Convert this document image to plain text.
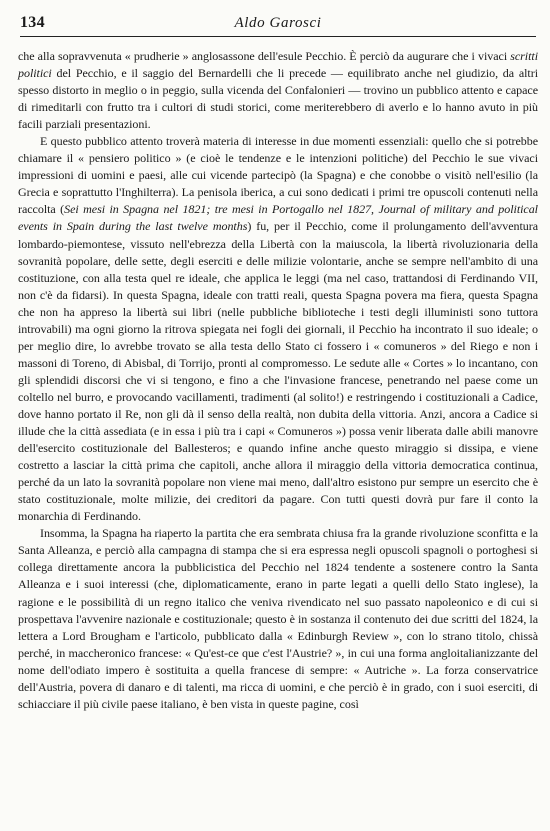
134	Aldo Garosci

che alla sopravvenuta « prudherie » anglosassone dell'esule Pecchio. È perciò da augurare che i vivaci scritti politici del Pecchio, e il saggio del Bernardelli che li precede — equilibrato anche nel giudizio, da altri spesso distorto in meglio o in peggio, sulla vicenda del Confalonieri — trovino un pubblico attento e capace di rimeditarli con frutto tra i cultori di studi storici, come meriterebbero di averlo e lo hanno avuto in più facili parziali presentazioni.

E questo pubblico attento troverà materia di interesse in due momenti essenziali: quello che si potrebbe chiamare il « pensiero politico » (e cioè le tendenze e le intenzioni politiche) del Pecchio le sue vivaci impressioni di uomini e paesi, alle cui vicende partecipò (la Spagna) e che conobbe o visitò nell'esilio (la Grecia e soprattutto l'Inghilterra). La penisola iberica, a cui sono dedicati i primi tre opuscoli contenuti nella raccolta (Sei mesi in Spagna nel 1821; tre mesi in Portogallo nel 1827, Journal of military and political events in Spain during the last twelve months) fu, per il Pecchio, come il prolungamento dell'avventura lombardo-piemontese, vissuto nell'ebrezza della Libertà con la maiuscola, la libertà rivoluzionaria della sovranità popolare, delle sette, degli eserciti e delle milizie volontarie, anche se sempre nell'ambito di una costituzione, con alla testa quel re ideale, che applica le leggi (ma nel caso, trattandosi di Ferdinando VII, non c'è da fidarsi). In questa Spagna, ideale con tratti reali, questa Spagna povera ma fiera, questa Spagna che non ha appreso la libertà sui libri (nelle pubbliche biblioteche i testi degli illuministi sono tuttora introvabili) ma ogni giorno la ritrova spiegata nei fogli dei giornali, il Pecchio ha incontrato il suo ideale; o per meglio dire, lo avrebbe trovato se alla testa dello Stato ci fossero i « comuneros » del Riego e non i massoni di Toreno, di Abisbal, di Torrijo, pronti al compromesso. Le sedute alle « Cortes » lo incantano, con gli splendidi discorsi che vi si tengono, e fino a che l'invasione francese, penetrando nel paese come un coltello nel burro, e provocando vacillamenti, tradimenti (al solito!) e restringendo i costituzionali a Cadice, dove hanno portato il Re, non gli dà il senso della realtà, non dubita della vittoria. Anzi, ancora a Cadice si illude che la città assediata (e in essa i più tra i capi « Comuneros ») possa venir liberata dalle abili manovre dell'esercito costituzionale del Ballesteros; e quando infine anche questo miraggio si dissipa, e viene costretto a lasciar la città prima che capitoli, anche allora il miraggio della vittoria democratica continua, perché da un lato la sovranità popolare non viene mai meno, dall'altro esistono pur sempre un esercito che è stato costituzionale, molte milizie, dei creditori da pagare. Con tutti questi dovrà pur fare il conto la monarchia di Ferdinando.

Insomma, la Spagna ha riaperto la partita che era sembrata chiusa fra la grande rivoluzione sconfitta e la Santa Alleanza, e perciò alla campagna di stampa che si era espressa negli opuscoli spagnoli o portoghesi si collega direttamente ancora la pubblicistica del Pecchio nel 1824 tendente a sostenere contro la Santa Alleanza e i suoi interessi (che, diplomaticamente, erano in parte legati a quelli dello Stato inglese), la ragione e le possibilità di un regno italico che veniva rivendicato nel suo passato napoleonico e di cui si prospettava l'avvenire nazionale e costituzionale; questo è in sostanza il contenuto dei due scritti del 1824, la lettera a Lord Brougham e l'articolo, pubblicato dalla « Edinburgh Review », con lo strano titolo, chissà perché, in maccheronico francese: « Qu'est-ce que c'est l'Austrie? », in cui una forma angloitalianizzante del nome dell'odiato impero è sostituita a quella francese di sempre: « Autriche ». La forza conservatrice dell'Austria, povera di danaro e di talenti, ma ricca di uomini, e che perciò è in grado, con i suoi eserciti, di schiacciare il più civile paese italiano, è ben vista in queste pagine, così
